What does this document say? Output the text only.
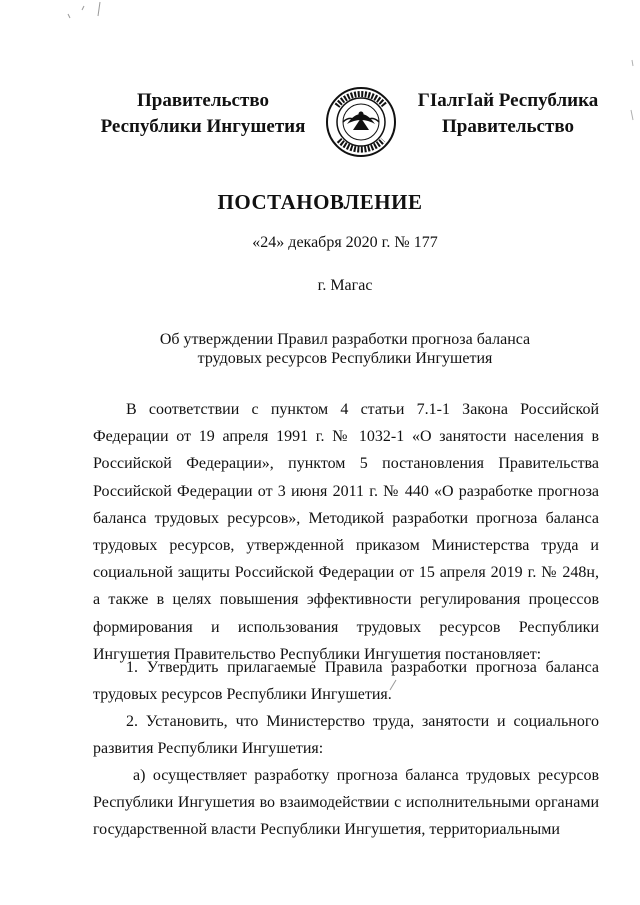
Правительство
Республики Ингушетия
ГIалгIай Республика
Правительство
ПОСТАНОВЛЕНИЕ
«24» декабря 2020 г. № 177
г. Магас
Об утверждении Правил разработки прогноза баланса
трудовых ресурсов Республики Ингушетия

В соответствии с пунктом 4 статьи 7.1-1 Закона Российской Федерации от 19 апреля 1991 г. № 1032-1 «О занятости населения в Российской Федерации», пунктом 5 постановления Правительства Российской Федерации от 3 июня 2011 г. № 440 «О разработке прогноза баланса трудовых ресурсов», Методикой разработки прогноза баланса трудовых ресурсов, утвержденной приказом Министерства труда и социальной защиты Российской Федерации от 15 апреля 2019 г. № 248н, а также в целях повышения эффективности регулирования процессов формирования и использования трудовых ресурсов Республики Ингушетия Правительство Республики Ингушетия постановляет:

1. Утвердить прилагаемые Правила разработки прогноза баланса трудовых ресурсов Республики Ингушетия.

2. Установить, что Министерство труда, занятости и социального развития Республики Ингушетия:

а) осуществляет разработку прогноза баланса трудовых ресурсов Республики Ингушетия во взаимодействии с исполнительными органами государственной власти Республики Ингушетия, территориальными
